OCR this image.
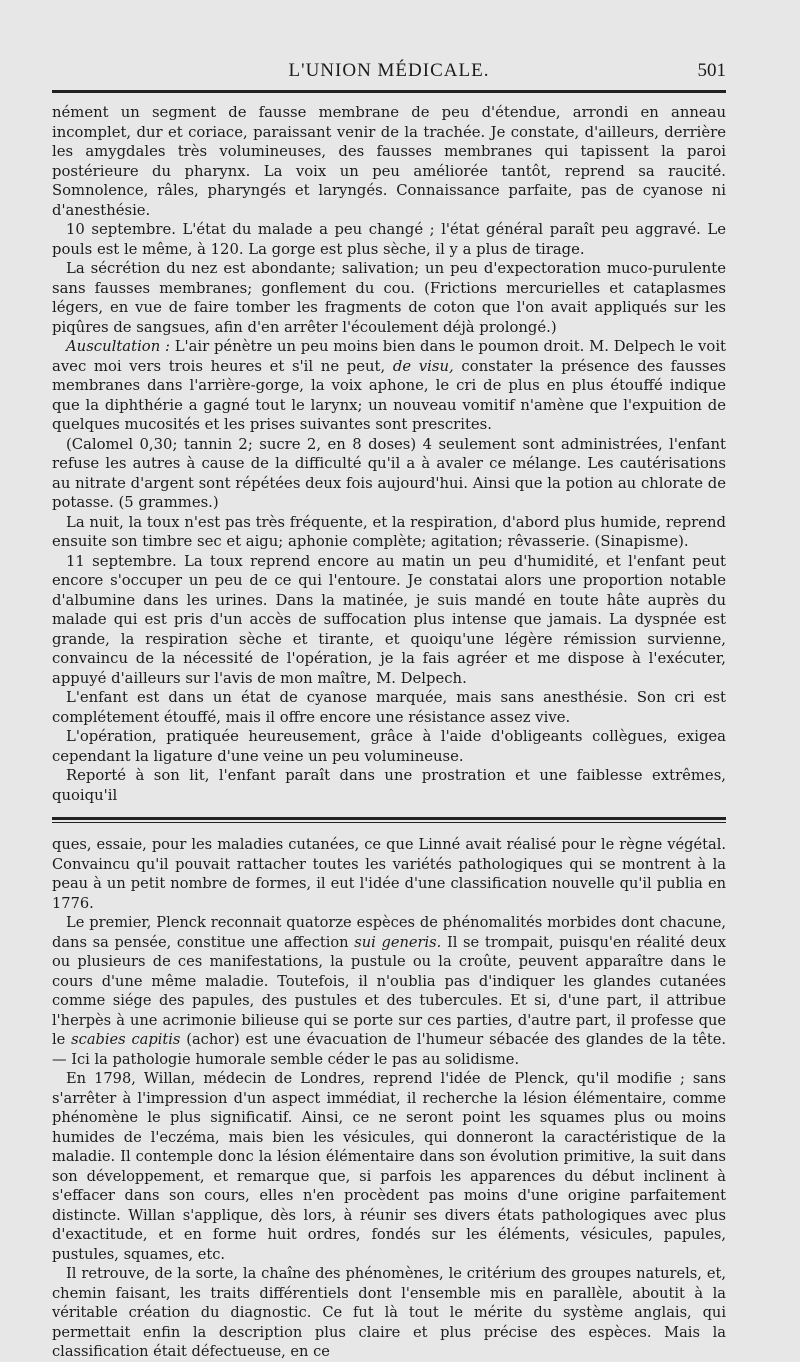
L'UNION MÉDICALE.	501

nément un segment de fausse membrane de peu d'étendue, arrondi en anneau incomplet, dur et coriace, paraissant venir de la trachée. Je constate, d'ailleurs, derrière les amygdales très volumineuses, des fausses membranes qui tapissent la paroi postérieure du pharynx. La voix un peu améliorée tantôt, reprend sa raucité. Somnolence, râles, pharyngés et laryngés. Connaissance parfaite, pas de cyanose ni d'anesthésie.

10 septembre. L'état du malade a peu changé ; l'état général paraît peu aggravé. Le pouls est le même, à 120. La gorge est plus sèche, il y a plus de tirage.

La sécrétion du nez est abondante; salivation; un peu d'expectoration muco-purulente sans fausses membranes; gonflement du cou. (Frictions mercurielles et cataplasmes légers, en vue de faire tomber les fragments de coton que l'on avait appliqués sur les piqûres de sangsues, afin d'en arrêter l'écoulement déjà prolongé.)

Auscultation : L'air pénètre un peu moins bien dans le poumon droit. M. Delpech le voit avec moi vers trois heures et s'il ne peut, de visu, constater la présence des fausses membranes dans l'arrière-gorge, la voix aphone, le cri de plus en plus étouffé indique que la diphthérie a gagné tout le larynx; un nouveau vomitif n'amène que l'expuition de quelques mucosités et les prises suivantes sont prescrites.

(Calomel 0,30; tannin 2; sucre 2, en 8 doses) 4 seulement sont administrées, l'enfant refuse les autres à cause de la difficulté qu'il a à avaler ce mélange. Les cautérisations au nitrate d'argent sont répétées deux fois aujourd'hui. Ainsi que la potion au chlorate de potasse. (5 grammes.)

La nuit, la toux n'est pas très fréquente, et la respiration, d'abord plus humide, reprend ensuite son timbre sec et aigu; aphonie complète; agitation; rêvasserie. (Sinapisme).

11 septembre. La toux reprend encore au matin un peu d'humidité, et l'enfant peut encore s'occuper un peu de ce qui l'entoure. Je constatai alors une proportion notable d'albumine dans les urines. Dans la matinée, je suis mandé en toute hâte auprès du malade qui est pris d'un accès de suffocation plus intense que jamais. La dyspnée est grande, la respiration sèche et tirante, et quoiqu'une légère rémission survienne, convaincu de la nécessité de l'opération, je la fais agréer et me dispose à l'exécuter, appuyé d'ailleurs sur l'avis de mon maître, M. Delpech.

L'enfant est dans un état de cyanose marquée, mais sans anesthésie. Son cri est complétement étouffé, mais il offre encore une résistance assez vive.

L'opération, pratiquée heureusement, grâce à l'aide d'obligeants collègues, exigea cependant la ligature d'une veine un peu volumineuse.

Reporté à son lit, l'enfant paraît dans une prostration et une faiblesse extrêmes, quoiqu'il

ques, essaie, pour les maladies cutanées, ce que Linné avait réalisé pour le règne végétal. Convaincu qu'il pouvait rattacher toutes les variétés pathologiques qui se montrent à la peau à un petit nombre de formes, il eut l'idée d'une classification nouvelle qu'il publia en 1776.

Le premier, Plenck reconnait quatorze espèces de phénomalités morbides dont chacune, dans sa pensée, constitue une affection sui generis. Il se trompait, puisqu'en réalité deux ou plusieurs de ces manifestations, la pustule ou la croûte, peuvent apparaître dans le cours d'une même maladie. Toutefois, il n'oublia pas d'indiquer les glandes cutanées comme siége des papules, des pustules et des tubercules. Et si, d'une part, il attribue l'herpès à une acrimonie bilieuse qui se porte sur ces parties, d'autre part, il professe que le scabies capitis (achor) est une évacuation de l'humeur sébacée des glandes de la tête. — Ici la pathologie humorale semble céder le pas au solidisme.

En 1798, Willan, médecin de Londres, reprend l'idée de Plenck, qu'il modifie ; sans s'arrêter à l'impression d'un aspect immédiat, il recherche la lésion élémentaire, comme phénomène le plus significatif. Ainsi, ce ne seront point les squames plus ou moins humides de l'eczéma, mais bien les vésicules, qui donneront la caractéristique de la maladie. Il contemple donc la lésion élémentaire dans son évolution primitive, la suit dans son développement, et remarque que, si parfois les apparences du début inclinent à s'effacer dans son cours, elles n'en procèdent pas moins d'une origine parfaitement distincte. Willan s'applique, dès lors, à réunir ses divers états pathologiques avec plus d'exactitude, et en forme huit ordres, fondés sur les éléments, vésicules, papules, pustules, squames, etc.

Il retrouve, de la sorte, la chaîne des phénomènes, le critérium des groupes naturels, et, chemin faisant, les traits différentiels dont l'ensemble mis en parallèle, aboutit à la véritable création du diagnostic. Ce fut là tout le mérite du système anglais, qui permettait enfin la description plus claire et plus précise des espèces. Mais la classification était défectueuse, en ce
